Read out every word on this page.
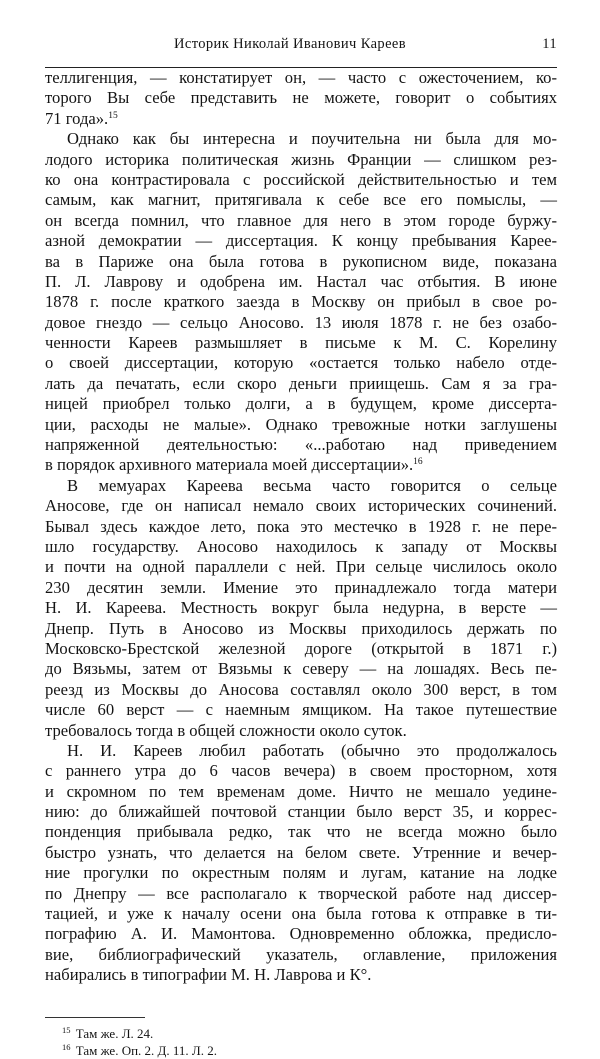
Историк Николай Иванович Кареев	11
теллигенция, — констатирует он, — часто с ожесточением, ко-
торого Вы себе представить не можете, говорит о событиях
71 года».$^{15}$
Однако как бы интересна и поучительна ни была для мо-
лодого историка политическая жизнь Франции — слишком рез-
ко она контрастировала с российской действительностью и тем
самым, как магнит, притягивала к себе все его помыслы, —
он всегда помнил, что главное для него в этом городе буржу-
азной демократии — диссертация. К концу пребывания Карее-
ва в Париже она была готова в рукописном виде, показана
П. Л. Лаврову и одобрена им. Настал час отбытия. В июне
1878 г. после краткого заезда в Москву он прибыл в свое ро-
довое гнездо — сельцо Аносово. 13 июля 1878 г. не без озабо-
ченности Кареев размышляет в письме к М. С. Корелину
о своей диссертации, которую «остается только набело отдe-
лать да печатать, если скоро деньги приищешь. Сам я за гра-
ницей приобрел только долги, а в будущем, кроме диссерта-
ции, расходы не малые». Однако тревожные нотки заглушены
напряженной деятельностью: «...работаю над приведением
в порядок архивного материала моей диссертации».$^{16}$
В мемуарах Кареева весьма часто говорится о сельце
Аносове, где он написал немало своих исторических сочинений.
Бывал здесь каждое лето, пока это местечко в 1928 г. не пере-
шло государству. Аносово находилось к западу от Москвы
и почти на одной параллели с ней. При сельце числилось около
230 десятин земли. Имение это принадлежало тогда матери
Н. И. Кареева. Местность вокруг была недурна, в версте —
Днепр. Путь в Аносово из Москвы приходилось держать по
Московско-Брестской железной дороге (открытой в 1871 г.)
до Вязьмы, затем от Вязьмы к северу — на лошадях. Весь пе-
реезд из Москвы до Аносова составлял около 300 верст, в том
числе 60 верст — с наемным ямщиком. На такое путешествие
требовалось тогда в общей сложности около суток.
Н. И. Кареев любил работать (обычно это продолжалось
с раннего утра до 6 часов вечера) в своем просторном, хотя
и скромном по тем временам доме. Ничто не мешало уедине-
нию: до ближайшей почтовой станции было верст 35, и коррес-
понденция прибывала редко, так что не всегда можно было
быстро узнать, что делается на белом свете. Утренние и вечер-
ние прогулки по окрестным полям и лугам, катание на лодке
по Днепру — все располагало к творческой работе над диссер-
тацией, и уже к началу осени она была готова к отправке в ти-
пографию А. И. Мамонтова. Одновременно обложка, предисло-
вие, библиографический указатель, оглавление, приложения
набирались в типографии М. Н. Лаврова и К°.
$^{15}$ Там же. Л. 24.
$^{16}$ Там же. Оп. 2. Д. 11. Л. 2.
